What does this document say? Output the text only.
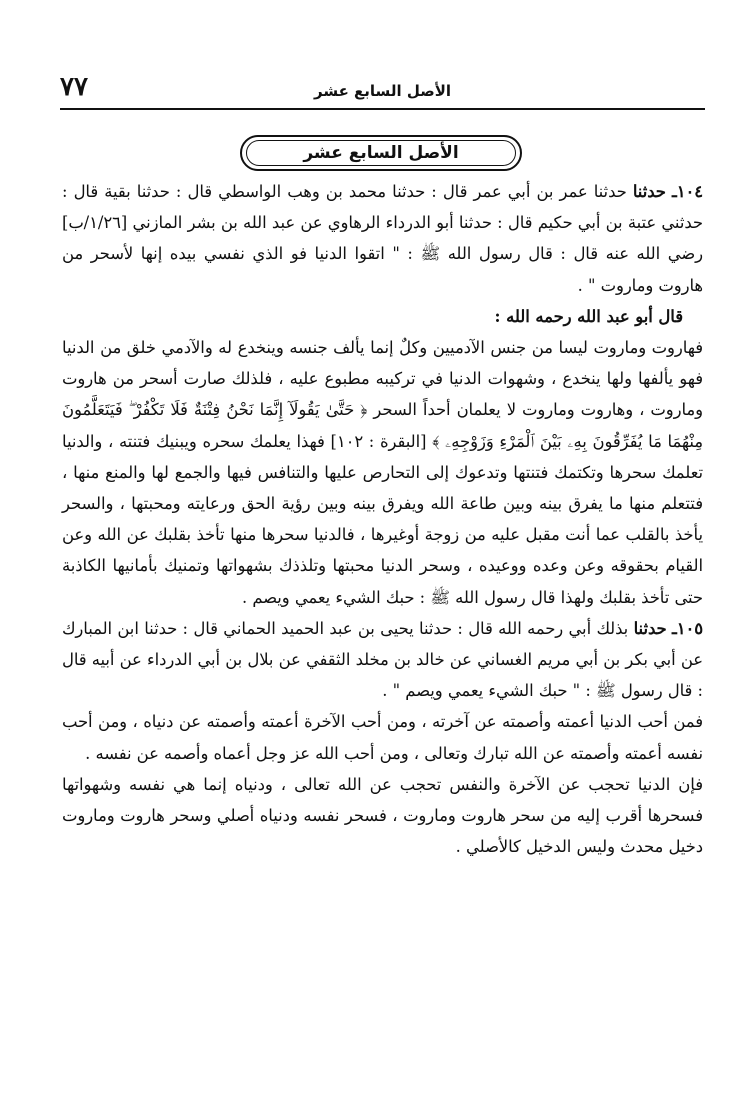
٧٧	الأصل السابع عشر
الأصل السابع عشر

١٠٤ـ حدثنا حدثنا عمر بن أبي عمر قال : حدثنا محمد بن وهب الواسطي قال : حدثنا بقية قال : حدثني عتبة بن أبي حكيم قال : حدثنا أبو الدرداء الرهاوي عن عبد الله بن بشر المازني [١/٢٦/ب] رضي الله عنه قال : قال رسول الله ﷺ : " اتقوا الدنيا فو الذي نفسي بيده إنها لأسحر من هاروت وماروت " .

قال أبو عبد الله رحمه الله :

فهاروت وماروت ليسا من جنس الآدميين وكلٌ إنما يألف جنسه وينخدع له والآدمي خلق من الدنيا فهو يألفها ولها ينخدع ، وشهوات الدنيا في تركيبه مطبوع عليه ، فلذلك صارت أسحر من هاروت وماروت ، وهاروت وماروت لا يعلمان أحداً السحر ﴿ حَتَّىٰ يَقُولَآ إِنَّمَا نَحْنُ فِتْنَةٌ فَلَا تَكْفُرْ ۖ فَيَتَعَلَّمُونَ مِنْهُمَا مَا يُفَرِّقُونَ بِهِۦ بَيْنَ ٱلْمَرْءِ وَزَوْجِهِۦ ﴾ [البقرة : ١٠٢] فهذا يعلمك سحره ويبنيك فتنته ، والدنيا تعلمك سحرها وتكتمك فتنتها وتدعوك إلى التحارص عليها والتنافس فيها والجمع لها والمنع منها ، فتتعلم منها ما يفرق بينه وبين طاعة الله ويفرق بينه وبين رؤية الحق ورعايته ومحبتها ، والسحر يأخذ بالقلب عما أنت مقبل عليه من زوجة أوغيرها ، فالدنيا سحرها منها تأخذ بقلبك عن الله وعن القيام بحقوقه وعن وعده ووعيده ، وسحر الدنيا محبتها وتلذذك بشهواتها وتمنيك بأمانيها الكاذبة حتى تأخذ بقلبك ولهذا قال رسول الله ﷺ : حبك الشيء يعمي ويصم .

١٠٥ـ حدثنا بذلك أبي رحمه الله قال : حدثنا يحيى بن عبد الحميد الحماني قال : حدثنا ابن المبارك عن أبي بكر بن أبي مريم الغساني عن خالد بن مخلد الثقفي عن بلال بن أبي الدرداء عن أبيه قال : قال رسول ﷺ : " حبك الشيء يعمي ويصم " .

فمن أحب الدنيا أعمته وأصمته عن آخرته ، ومن أحب الآخرة أعمته وأصمته عن دنياه ، ومن أحب نفسه أعمته وأصمته عن الله تبارك وتعالى ، ومن أحب الله عز وجل أعماه وأصمه عن نفسه .

فإن الدنيا تحجب عن الآخرة والنفس تحجب عن الله تعالى ، ودنياه إنما هي نفسه وشهواتها فسحرها أقرب إليه من سحر هاروت وماروت ، فسحر نفسه ودنياه أصلي وسحر هاروت وماروت دخيل محدث وليس الدخيل كالأصلي .
